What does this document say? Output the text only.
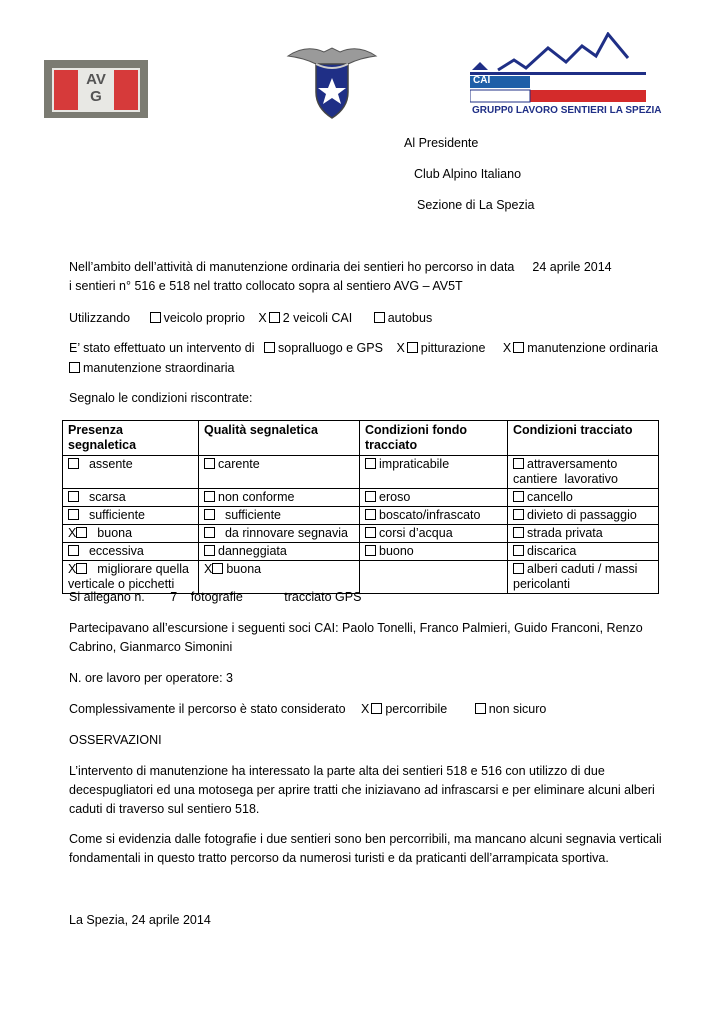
AV
G
CAI
GRUPP0 LAVORO SENTIERI LA SPEZIA
Al Presidente
Club Alpino Italiano
Sezione di La Spezia
Nell’ambito dell’attività di manutenzione ordinaria dei sentieri ho percorso in data 24 aprile 2014
i sentieri n° 516 e 518 nel tratto collocato sopra al sentiero AVG – AV5T
Utilizzando	veicolo proprio X 2 veicoli CAI	autobus
E’ stato effettuato un intervento di sopralluogo e GPS X pitturazione X manutenzione ordinaria
manutenzione straordinaria
Segnalo le condizioni riscontrate:
Presenza segnaletica	Qualità segnaletica	Condizioni fondo tracciato	Condizioni tracciato
assente	carente	impraticabile	attraversamento cantiere  lavorativo
scarsa	non conforme	eroso	cancello
sufficiente	sufficiente	boscato/infrascato	divieto di passaggio
X  buona	da rinnovare segnavia	corsi d’acqua	strada privata
eccessiva	danneggiata	buono	discarica
X  migliorare quella verticale o picchetti	X buona		alberi caduti / massi pericolanti
Si allegano n. 7 fotografie	tracciato GPS
Partecipavano all’escursione i seguenti soci CAI: Paolo Tonelli, Franco Palmieri, Guido Franconi, Renzo
Cabrino, Gianmarco Simonini
N. ore lavoro per operatore: 3
Complessivamente il percorso è stato considerato X percorribile	non sicuro
OSSERVAZIONI
L’intervento di manutenzione ha interessato la parte alta dei sentieri 518 e 516 con utilizzo di due
decespugliatori ed una motosega per aprire tratti che iniziavano ad infrascarsi e per eliminare alcuni alberi
caduti di traverso sul sentiero 518.
Come si evidenzia dalle fotografie i due sentieri sono ben percorribili, ma mancano alcuni segnavia verticali
fondamentali in questo tratto percorso da numerosi turisti e da praticanti dell’arrampicata sportiva.
La Spezia, 24 aprile 2014
